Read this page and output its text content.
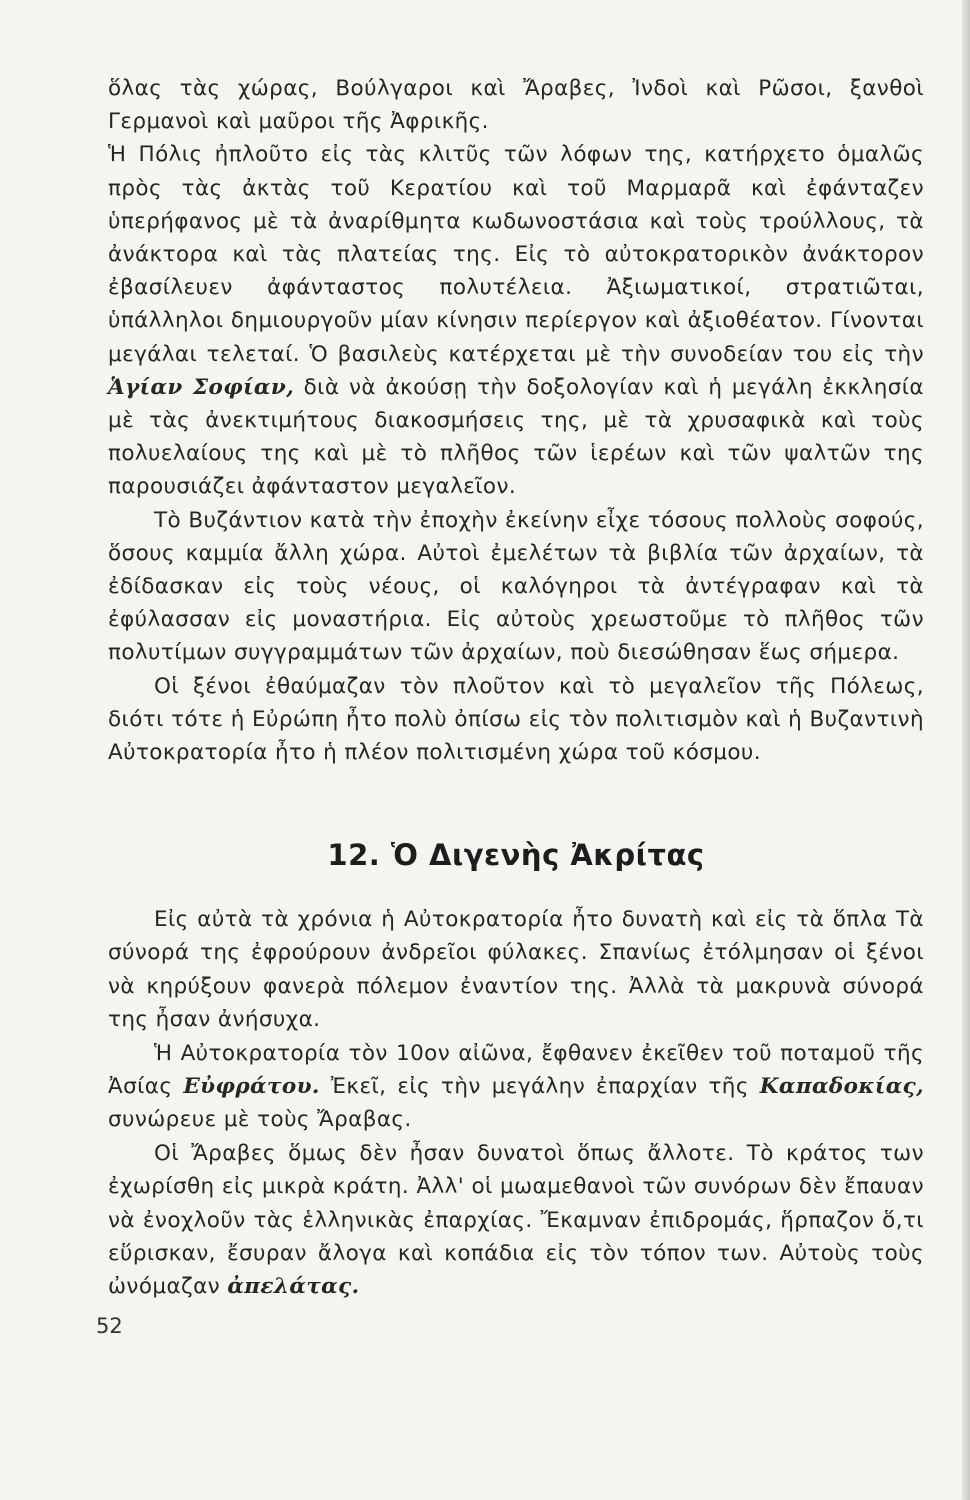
ὅλας τὰς χώρας, Βούλγαροι καὶ Ἄραβες, Ἰνδοὶ καὶ Ρῶσοι, ξανθοὶ Γερμανοὶ καὶ μαῦροι τῆς Ἀφρικῆς.

Ἡ Πόλις ἠπλοῦτο εἰς τὰς κλιτῦς τῶν λόφων της, κατήρχετο ὁμαλῶς πρὸς τὰς ἀκτὰς τοῦ Κερατίου καὶ τοῦ Μαρμαρᾶ καὶ ἐφάνταζεν ὑπερήφανος μὲ τὰ ἀναρίθμητα κωδωνοστάσια καὶ τοὺς τρούλλους, τὰ ἀνάκτορα καὶ τὰς πλατείας της. Εἰς τὸ αὐτοκρατορικὸν ἀνάκτορον ἐβασίλευεν ἀφάνταστος πολυτέλεια. Ἀξιωματικοί, στρατιῶται, ὑπάλληλοι δημιουργοῦν μίαν κίνησιν περίεργον καὶ ἀξιοθέατον. Γίνονται μεγάλαι τελεταί. Ὁ βασιλεὺς κατέρχεται μὲ τὴν συνοδείαν του εἰς τὴν Ἁγίαν Σοφίαν, διὰ νὰ ἀκούσῃ τὴν δοξολογίαν καὶ ἡ μεγάλη ἐκκλησία μὲ τὰς ἀνεκτιμήτους διακοσμήσεις της, μὲ τὰ χρυσαφικὰ καὶ τοὺς πολυελαίους της καὶ μὲ τὸ πλῆθος τῶν ἱερέων καὶ τῶν ψαλτῶν της παρουσιάζει ἀφάνταστον μεγαλεῖον.

Τὸ Βυζάντιον κατὰ τὴν ἐποχὴν ἐκείνην εἶχε τόσους πολλοὺς σοφούς, ὅσους καμμία ἄλλη χώρα. Αὐτοὶ ἐμελέτων τὰ βιβλία τῶν ἀρχαίων, τὰ ἐδίδασκαν εἰς τοὺς νέους, οἱ καλόγηροι τὰ ἀντέγραφαν καὶ τὰ ἐφύλασσαν εἰς μοναστήρια. Εἰς αὐτοὺς χρεωστοῦμε τὸ πλῆθος τῶν πολυτίμων συγγραμμάτων τῶν ἀρχαίων, ποὺ διεσώθησαν ἕως σήμερα.

Οἱ ξένοι ἐθαύμαζαν τὸν πλοῦτον καὶ τὸ μεγαλεῖον τῆς Πόλεως, διότι τότε ἡ Εὐρώπη ἦτο πολὺ ὀπίσω εἰς τὸν πολιτισμὸν καὶ ἡ Βυζαντινὴ Αὐτοκρατορία ἦτο ἡ πλέον πολιτισμένη χώρα τοῦ κόσμου.

12. Ὁ Διγενὴς Ἀκρίτας

Εἰς αὐτὰ τὰ χρόνια ἡ Αὐτοκρατορία ἦτο δυνατὴ καὶ εἰς τὰ ὅπλα Τὰ σύνορά της ἐφρούρουν ἀνδρεῖοι φύλακες. Σπανίως ἐτόλμησαν οἱ ξένοι νὰ κηρύξουν φανερὰ πόλεμον ἐναντίον της. Ἀλλὰ τὰ μακρυνὰ σύνορά της ἦσαν ἀνήσυχα.

Ἡ Αὐτοκρατορία τὸν 10ον αἰῶνα, ἔφθανεν ἐκεῖθεν τοῦ ποταμοῦ τῆς Ἀσίας Εὐφράτου. Ἐκεῖ, εἰς τὴν μεγάλην ἐπαρχίαν τῆς Καπαδοκίας, συνώρευε μὲ τοὺς Ἄραβας.

Οἱ Ἄραβες ὅμως δὲν ἦσαν δυνατοὶ ὅπως ἄλλοτε. Τὸ κράτος των ἐχωρίσθη εἰς μικρὰ κράτη. Ἀλλ' οἱ μωαμεθανοὶ τῶν συνόρων δὲν ἔπαυαν νὰ ἐνοχλοῦν τὰς ἑλληνικὰς ἐπαρχίας. Ἔκαμναν ἐπιδρομάς, ἥρπαζον ὅ,τι εὕρισκαν, ἔσυραν ἄλογα καὶ κοπάδια εἰς τὸν τόπον των. Αὐτοὺς τοὺς ὠνόμαζαν ἀπελάτας.

52
